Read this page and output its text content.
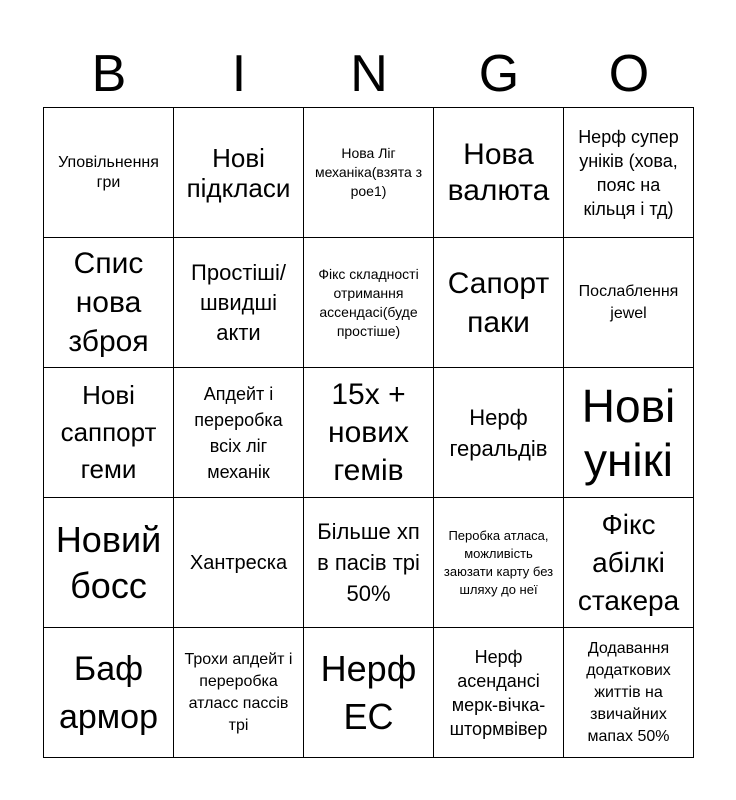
B	I	N	G	O
Уповільнення гри
Нові підкласи
Нова Ліг механіка(взята з рое1)
Нова валюта
Нерф супер уніків (хова, пояс на кільця і тд)
Спис нова зброя
Простіші/ швидші акти
Фікс складності отримання ассендасі(буде простіше)
Сапорт паки
Послаблення jewel
Нові саппорт геми
Апдейт і переробка всіх ліг механік
15x + нових гемів
Нерф геральдів
Нові унікі
Новий босс
Хантреска
Більше хп в пасів трі 50%
Перобка атласа, можливість заюзати карту без шляху до неї
Фікс абілкі стакера
Баф армор
Трохи апдейт і переробка атласс пассів трі
Нерф ЕС
Нерф асендансі мерк-вічка-штормвівер
Додавання додаткових життів на звичайних мапах 50%
